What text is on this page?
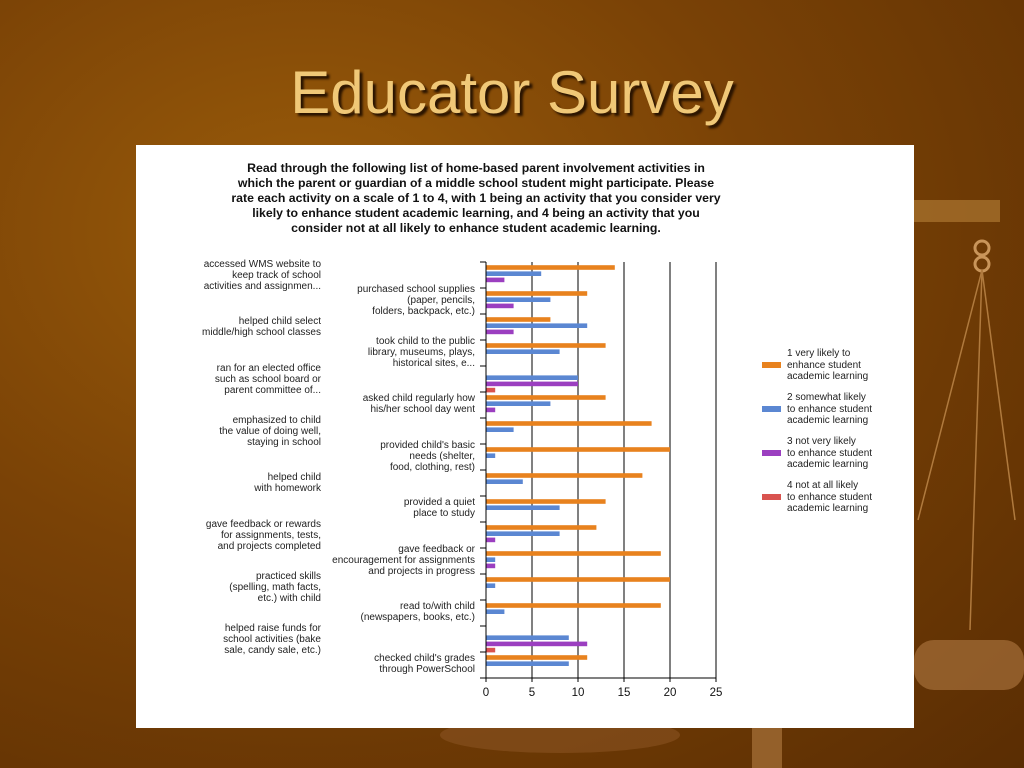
Educator Survey
0	5	10	15	20	25
Read through the following list of home-based parent involvement activities in
which the parent or guardian of a middle school student might participate. Please
rate each activity on a scale of 1 to 4, with 1 being an activity that you consider very
likely to enhance student academic learning, and 4 being an activity that you
consider not at all likely to enhance student academic learning.
accessed WMS website to
keep track of school
activities and assignmen...	purchased school supplies
(paper, pencils,
folders, backpack, etc.)
helped child select
middle/high school classes
took child to the public
library, museums, plays,
historical sites, e...
ran for an elected office
such as school board or
parent committee of...
asked child regularly how
his/her school day went
emphasized to child
the value of doing well,
staying in school	provided child's basic
needs (shelter,
food, clothing, rest)
helped child
with homework
provided a quiet
place to study
gave feedback or rewards
for assignments, tests,
and projects completed	gave feedback or
encouragement for assignments
and projects in progress
practiced skills
(spelling, math facts,
etc.) with child
read to/with child
(newspapers, books, etc.)
helped raise funds for
school activities (bake
sale, candy sale, etc.)
checked child's grades
through PowerSchool
1 very likely to
enhance student
academic learning
2 somewhat likely
to enhance student
academic learning
3 not very likely
to enhance student
academic learning
4 not at all likely
to enhance student
academic learning
